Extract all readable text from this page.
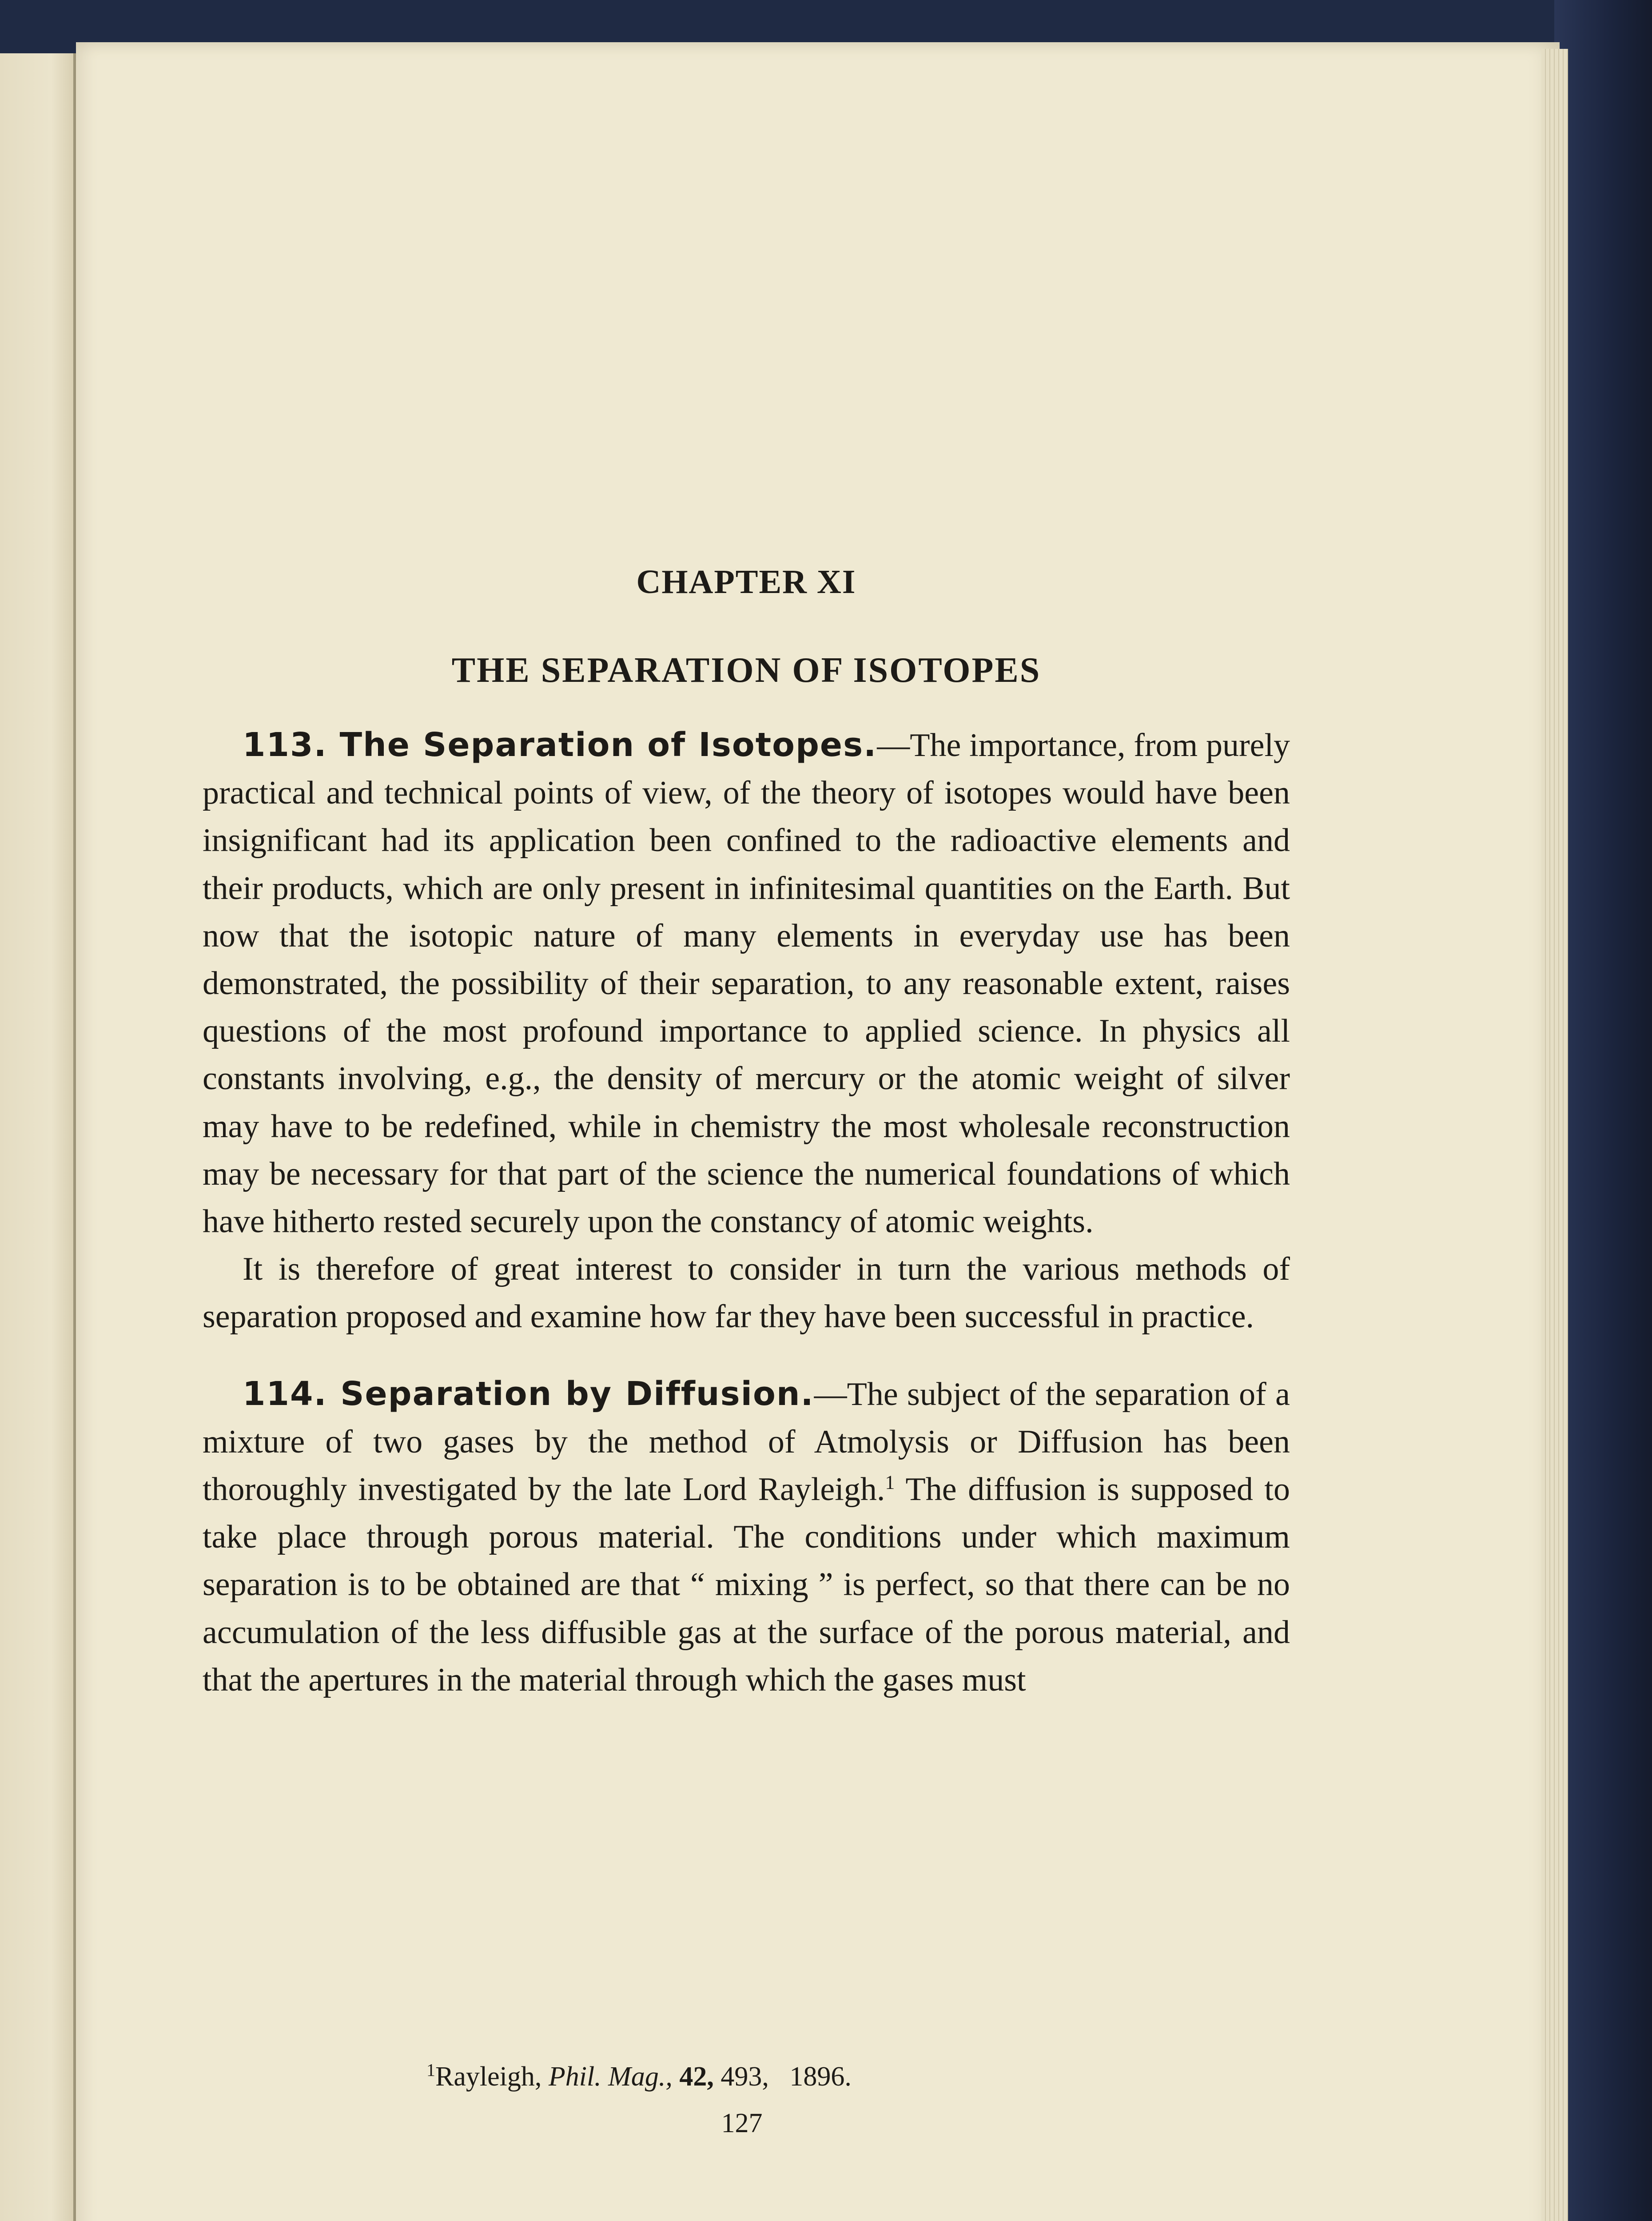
CHAPTER XI
THE SEPARATION OF ISOTOPES

113. The Separation of Isotopes.—The importance, from purely practical and technical points of view, of the theory of isotopes would have been insignificant had its application been confined to the radioactive elements and their products, which are only present in infinitesimal quantities on the Earth. But now that the isotopic nature of many elements in everyday use has been demonstrated, the possibility of their separation, to any reasonable extent, raises questions of the most profound importance to applied science. In physics all constants involving, e.g., the density of mercury or the atomic weight of silver may have to be redefined, while in chemistry the most wholesale reconstruction may be necessary for that part of the science the numerical foundations of which have hitherto rested securely upon the constancy of atomic weights.

It is therefore of great interest to consider in turn the various methods of separation proposed and examine how far they have been successful in practice.

114. Separation by Diffusion.—The subject of the separation of a mixture of two gases by the method of Atmolysis or Diffusion has been thoroughly investigated by the late Lord Rayleigh.$^1$ The diffusion is supposed to take place through porous material. The conditions under which maximum separation is to be obtained are that “ mixing ” is perfect, so that there can be no accumulation of the less diffusible gas at the surface of the porous material, and that the apertures in the material through which the gases must

$^1$Rayleigh, Phil. Mag., 42, 493, 1896.
127
